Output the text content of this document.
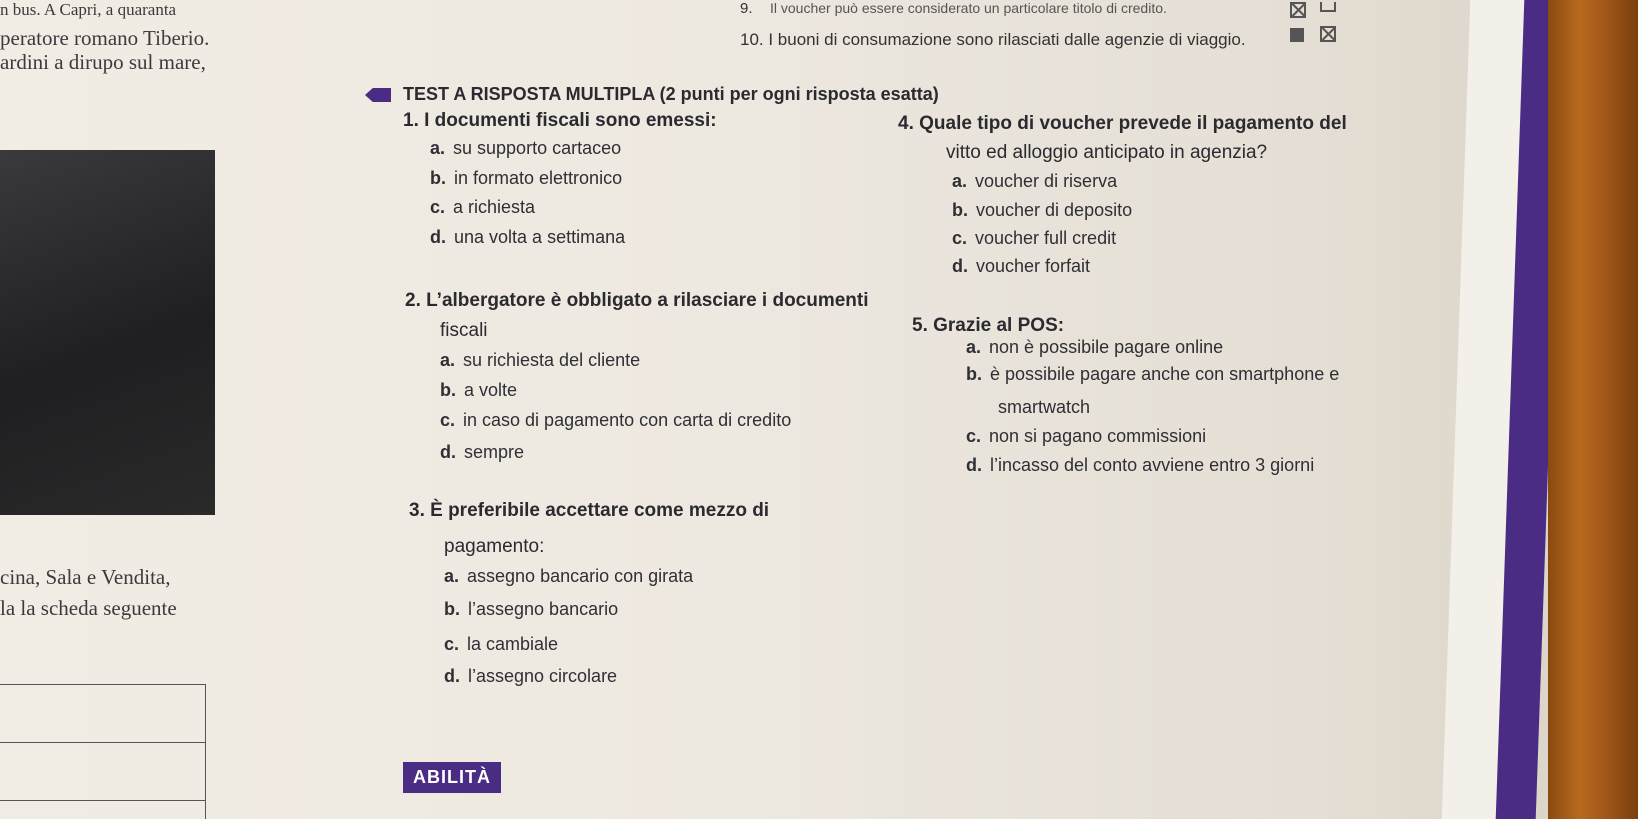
n bus. A Capri, a quaranta
peratore romano Tiberio.
ardini a dirupo sul mare,
cina, Sala e Vendita,
la la scheda seguente
9. Il voucher può essere considerato un particolare titolo di credito.
10. I buoni di consumazione sono rilasciati dalle agenzie di viaggio.
TEST A RISPOSTA MULTIPLA (2 punti per ogni risposta esatta)
1. I documenti fiscali sono emessi:
a. su supporto cartaceo
b. in formato elettronico
c. a richiesta
d. una volta a settimana
2. L’albergatore è obbligato a rilasciare i documenti
fiscali
a. su richiesta del cliente
b. a volte
c. in caso di pagamento con carta di credito
d. sempre
3. È preferibile accettare come mezzo di
pagamento:
a. assegno bancario con girata
b. l’assegno bancario
c. la cambiale
d. l’assegno circolare
4. Quale tipo di voucher prevede il pagamento del
vitto ed alloggio anticipato in agenzia?
a. voucher di riserva
b. voucher di deposito
c. voucher full credit
d. voucher forfait
5. Grazie al POS:
a. non è possibile pagare online
b. è possibile pagare anche con smartphone e
smartwatch
c. non si pagano commissioni
d. l’incasso del conto avviene entro 3 giorni
ABILITÀ
